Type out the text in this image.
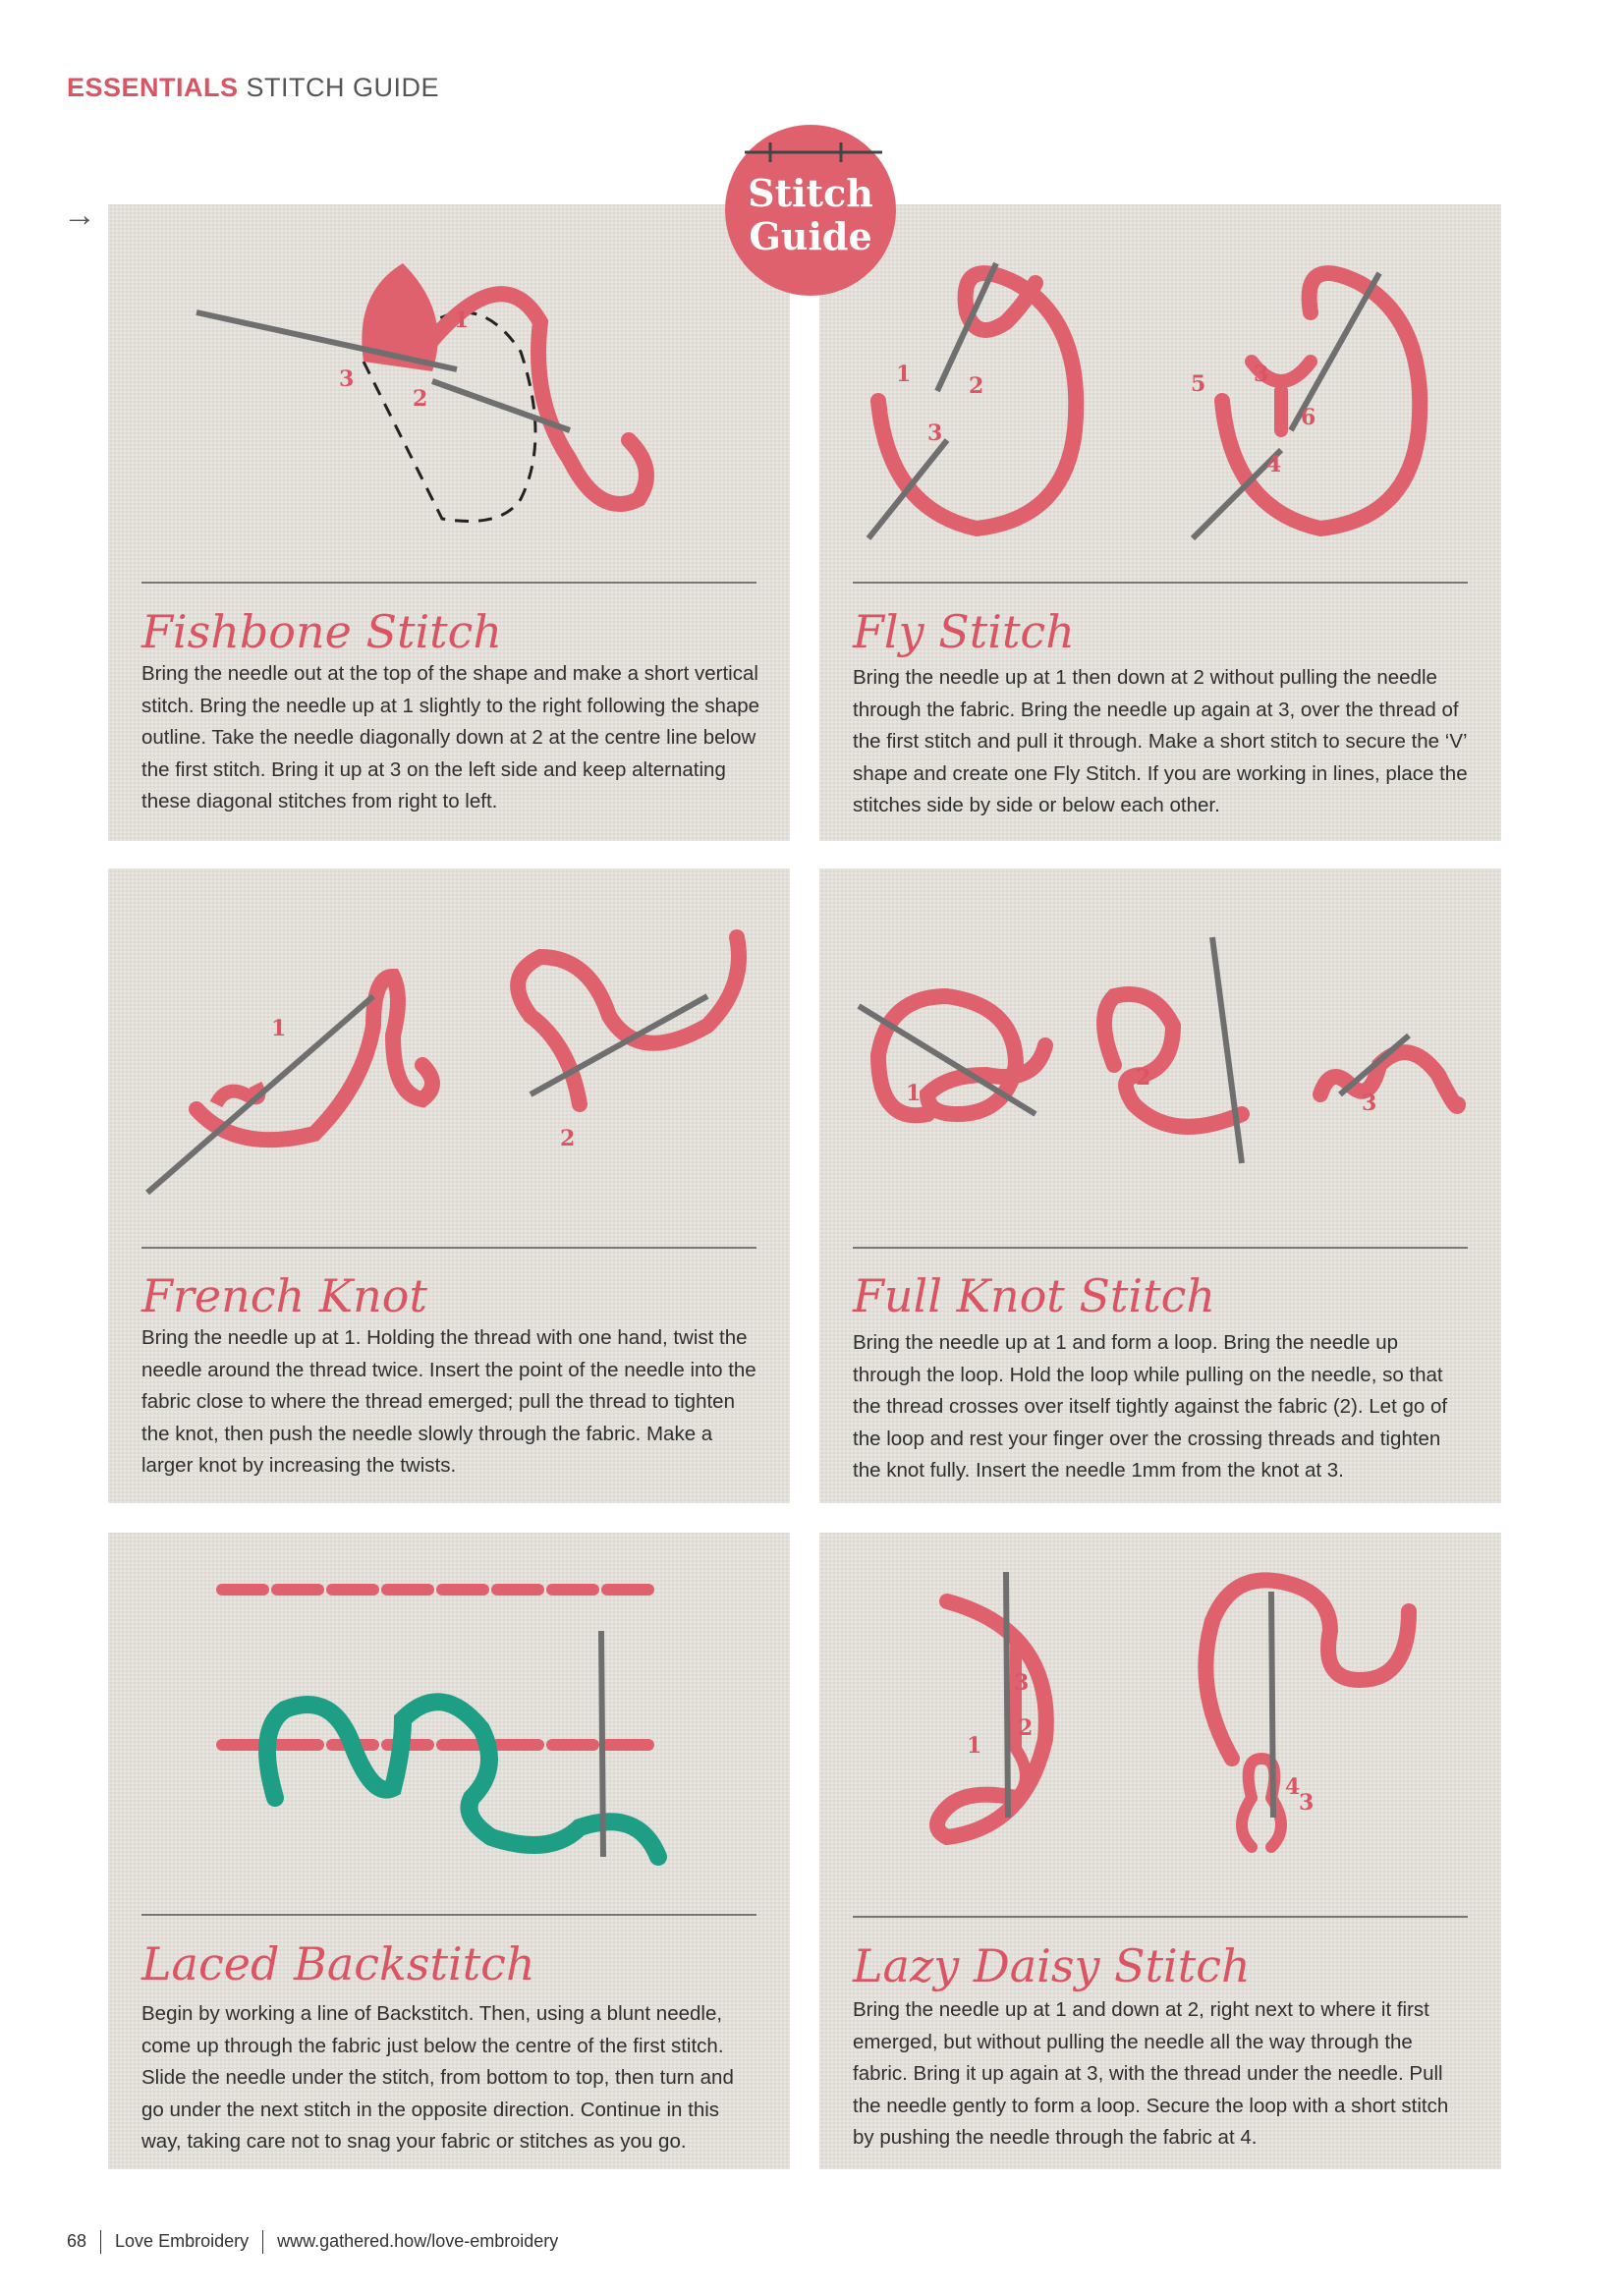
ESSENTIALS STITCH GUIDE
→	Stitch
Guide
1
2
3
Fishbone Stitch
Bring the needle out at the top of the shape and make a short vertical stitch. Bring the needle up at 1 slightly to the right following the shape outline. Take the needle diagonally down at 2 at the centre line below the first stitch. Bring it up at 3 on the left side and keep alternating these diagonal stitches from right to left.
1	2
3
4
5 3
6
Fly Stitch
Bring the needle up at 1 then down at 2 without pulling the needle through the fabric. Bring the needle up again at 3, over the thread of the first stitch and pull it through. Make a short stitch to secure the ‘V’ shape and create one Fly Stitch. If you are working in lines, place the stitches side by side or below each other.
1
2
French Knot
Bring the needle up at 1. Holding the thread with one hand, twist the needle around the thread twice. Insert the point of the needle into the fabric close to where the thread emerged; pull the thread to tighten the knot, then push the needle slowly through the fabric. Make a larger knot by increasing the twists.
1
2
3
Full Knot Stitch
Bring the needle up at 1 and form a loop. Bring the needle up through the loop. Hold the loop while pulling on the needle, so that the thread crosses over itself tightly against the fabric (2). Let go of the loop and rest your finger over the crossing threads and tighten the knot fully. Insert the needle 1mm from the knot at 3.
Laced Backstitch
Begin by working a line of Backstitch. Then, using a blunt needle, come up through the fabric just below the centre of the first stitch. Slide the needle under the stitch, from bottom to top, then turn and go under the next stitch in the opposite direction. Continue in this way, taking care not to snag your fabric or stitches as you go.
3
2
1
4
3
Lazy Daisy Stitch
Bring the needle up at 1 and down at 2, right next to where it first emerged, but without pulling the needle all the way through the fabric. Bring it up again at 3, with the thread under the needle. Pull the needle gently to form a loop. Secure the loop with a short stitch by pushing the needle through the fabric at 4.
68 Love Embroidery www.gathered.how/love-embroidery
